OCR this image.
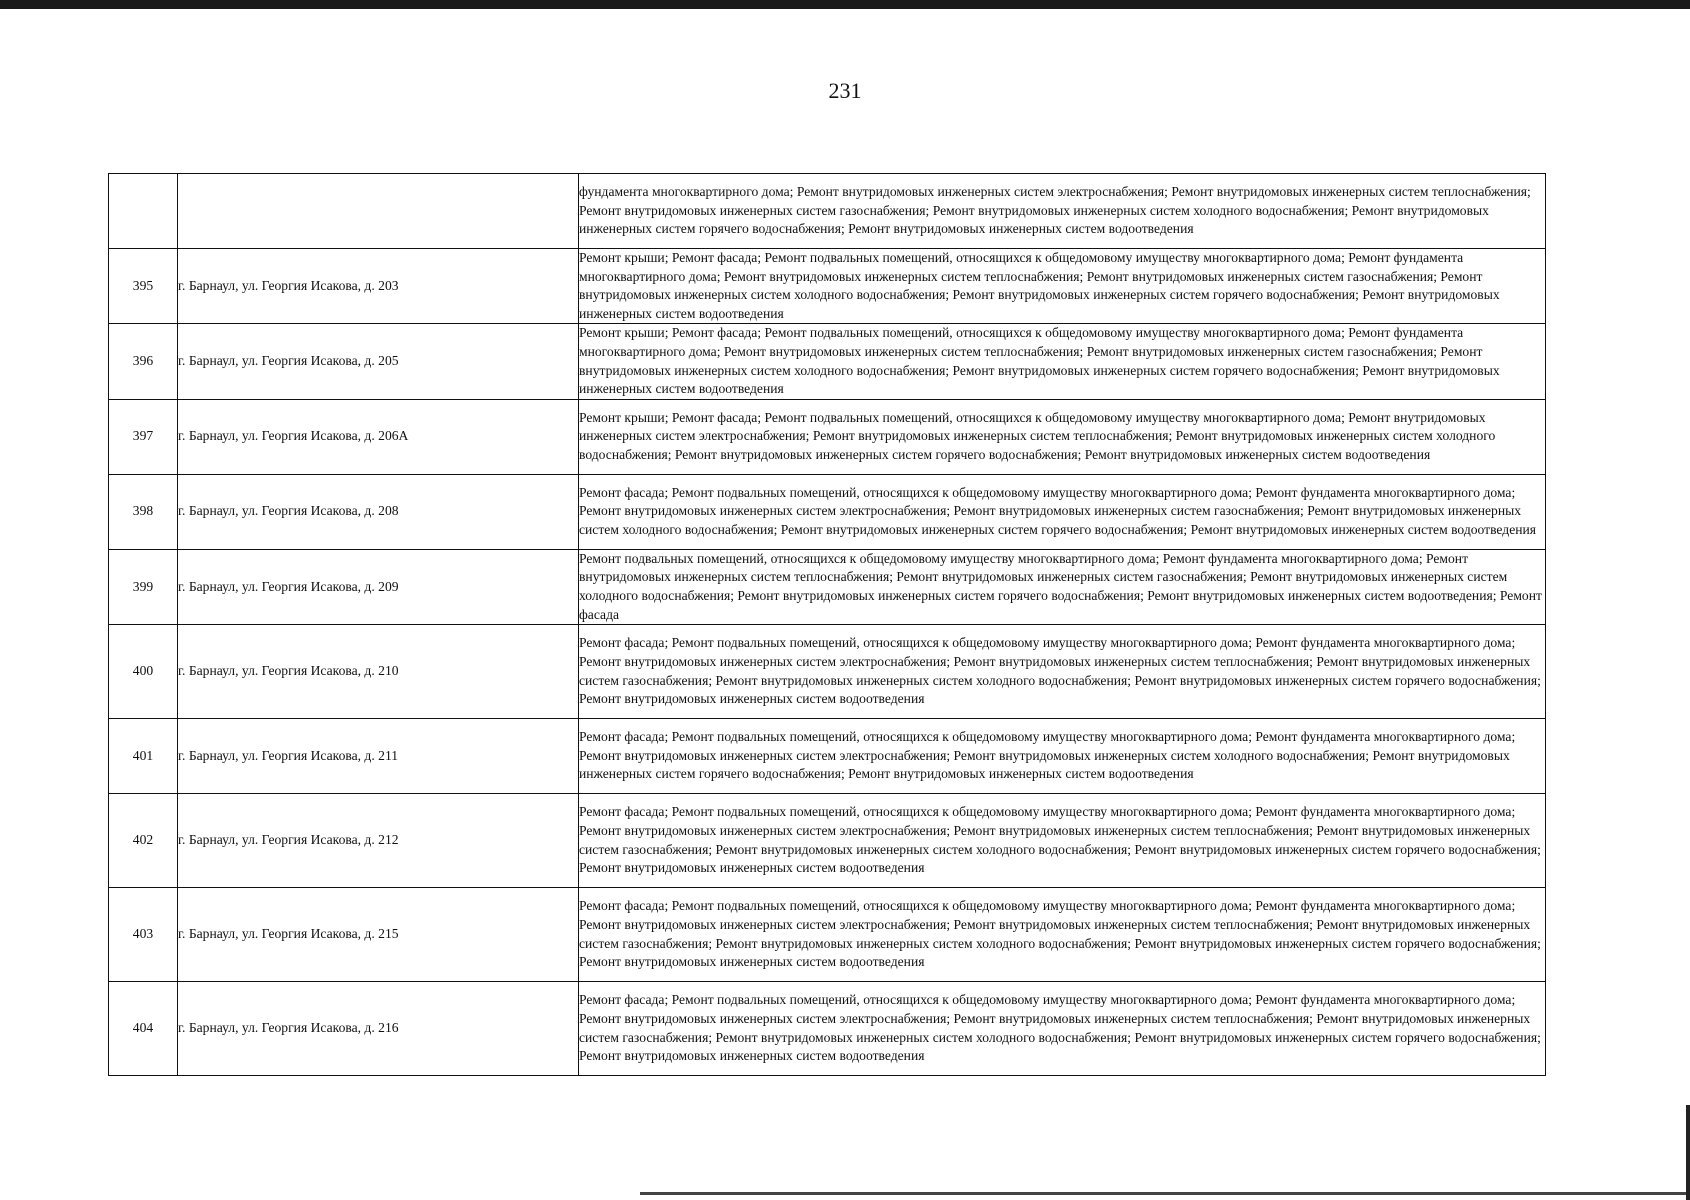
231
		фундамента многоквартирного дома; Ремонт внутридомовых инженерных систем электроснабжения; Ремонт внутридомовых инженерных систем теплоснабжения; Ремонт внутридомовых инженерных систем газоснабжения; Ремонт внутридомовых инженерных систем холодного водоснабжения; Ремонт внутридомовых инженерных систем горячего водоснабжения; Ремонт внутридомовых инженерных систем водоотведения
395	г. Барнаул, ул. Георгия Исакова, д. 203	Ремонт крыши; Ремонт фасада; Ремонт подвальных помещений, относящихся к общедомовому имуществу многоквартирного дома; Ремонт фундамента многоквартирного дома; Ремонт внутридомовых инженерных систем теплоснабжения; Ремонт внутридомовых инженерных систем газоснабжения; Ремонт внутридомовых инженерных систем холодного водоснабжения; Ремонт внутридомовых инженерных систем горячего водоснабжения; Ремонт внутридомовых инженерных систем водоотведения
396	г. Барнаул, ул. Георгия Исакова, д. 205	Ремонт крыши; Ремонт фасада; Ремонт подвальных помещений, относящихся к общедомовому имуществу многоквартирного дома; Ремонт фундамента многоквартирного дома; Ремонт внутридомовых инженерных систем теплоснабжения; Ремонт внутридомовых инженерных систем газоснабжения; Ремонт внутридомовых инженерных систем холодного водоснабжения; Ремонт внутридомовых инженерных систем горячего водоснабжения; Ремонт внутридомовых инженерных систем водоотведения
397	г. Барнаул, ул. Георгия Исакова, д. 206А	Ремонт крыши; Ремонт фасада; Ремонт подвальных помещений, относящихся к общедомовому имуществу многоквартирного дома; Ремонт внутридомовых инженерных систем электроснабжения; Ремонт внутридомовых инженерных систем теплоснабжения; Ремонт внутридомовых инженерных систем холодного водоснабжения; Ремонт внутридомовых инженерных систем горячего водоснабжения; Ремонт внутридомовых инженерных систем водоотведения
398	г. Барнаул, ул. Георгия Исакова, д. 208	Ремонт фасада; Ремонт подвальных помещений, относящихся к общедомовому имуществу многоквартирного дома; Ремонт фундамента многоквартирного дома; Ремонт внутридомовых инженерных систем электроснабжения; Ремонт внутридомовых инженерных систем газоснабжения; Ремонт внутридомовых инженерных систем холодного водоснабжения; Ремонт внутридомовых инженерных систем горячего водоснабжения; Ремонт внутридомовых инженерных систем водоотведения
399	г. Барнаул, ул. Георгия Исакова, д. 209	Ремонт подвальных помещений, относящихся к общедомовому имуществу многоквартирного дома; Ремонт фундамента многоквартирного дома; Ремонт внутридомовых инженерных систем теплоснабжения; Ремонт внутридомовых инженерных систем газоснабжения; Ремонт внутридомовых инженерных систем холодного водоснабжения; Ремонт внутридомовых инженерных систем горячего водоснабжения; Ремонт внутридомовых инженерных систем водоотведения; Ремонт фасада
400	г. Барнаул, ул. Георгия Исакова, д. 210	Ремонт фасада; Ремонт подвальных помещений, относящихся к общедомовому имуществу многоквартирного дома; Ремонт фундамента многоквартирного дома; Ремонт внутридомовых инженерных систем электроснабжения; Ремонт внутридомовых инженерных систем теплоснабжения; Ремонт внутридомовых инженерных систем газоснабжения; Ремонт внутридомовых инженерных систем холодного водоснабжения; Ремонт внутридомовых инженерных систем горячего водоснабжения; Ремонт внутридомовых инженерных систем водоотведения
401	г. Барнаул, ул. Георгия Исакова, д. 211	Ремонт фасада; Ремонт подвальных помещений, относящихся к общедомовому имуществу многоквартирного дома; Ремонт фундамента многоквартирного дома; Ремонт внутридомовых инженерных систем электроснабжения; Ремонт внутридомовых инженерных систем холодного водоснабжения; Ремонт внутридомовых инженерных систем горячего водоснабжения; Ремонт внутридомовых инженерных систем водоотведения
402	г. Барнаул, ул. Георгия Исакова, д. 212	Ремонт фасада; Ремонт подвальных помещений, относящихся к общедомовому имуществу многоквартирного дома; Ремонт фундамента многоквартирного дома; Ремонт внутридомовых инженерных систем электроснабжения; Ремонт внутридомовых инженерных систем теплоснабжения; Ремонт внутридомовых инженерных систем газоснабжения; Ремонт внутридомовых инженерных систем холодного водоснабжения; Ремонт внутридомовых инженерных систем горячего водоснабжения; Ремонт внутридомовых инженерных систем водоотведения
403	г. Барнаул, ул. Георгия Исакова, д. 215	Ремонт фасада; Ремонт подвальных помещений, относящихся к общедомовому имуществу многоквартирного дома; Ремонт фундамента многоквартирного дома; Ремонт внутридомовых инженерных систем электроснабжения; Ремонт внутридомовых инженерных систем теплоснабжения; Ремонт внутридомовых инженерных систем газоснабжения; Ремонт внутридомовых инженерных систем холодного водоснабжения; Ремонт внутридомовых инженерных систем горячего водоснабжения; Ремонт внутридомовых инженерных систем водоотведения
404	г. Барнаул, ул. Георгия Исакова, д. 216	Ремонт фасада; Ремонт подвальных помещений, относящихся к общедомовому имуществу многоквартирного дома; Ремонт фундамента многоквартирного дома; Ремонт внутридомовых инженерных систем электроснабжения; Ремонт внутридомовых инженерных систем теплоснабжения; Ремонт внутридомовых инженерных систем газоснабжения; Ремонт внутридомовых инженерных систем холодного водоснабжения; Ремонт внутридомовых инженерных систем горячего водоснабжения; Ремонт внутридомовых инженерных систем водоотведения
